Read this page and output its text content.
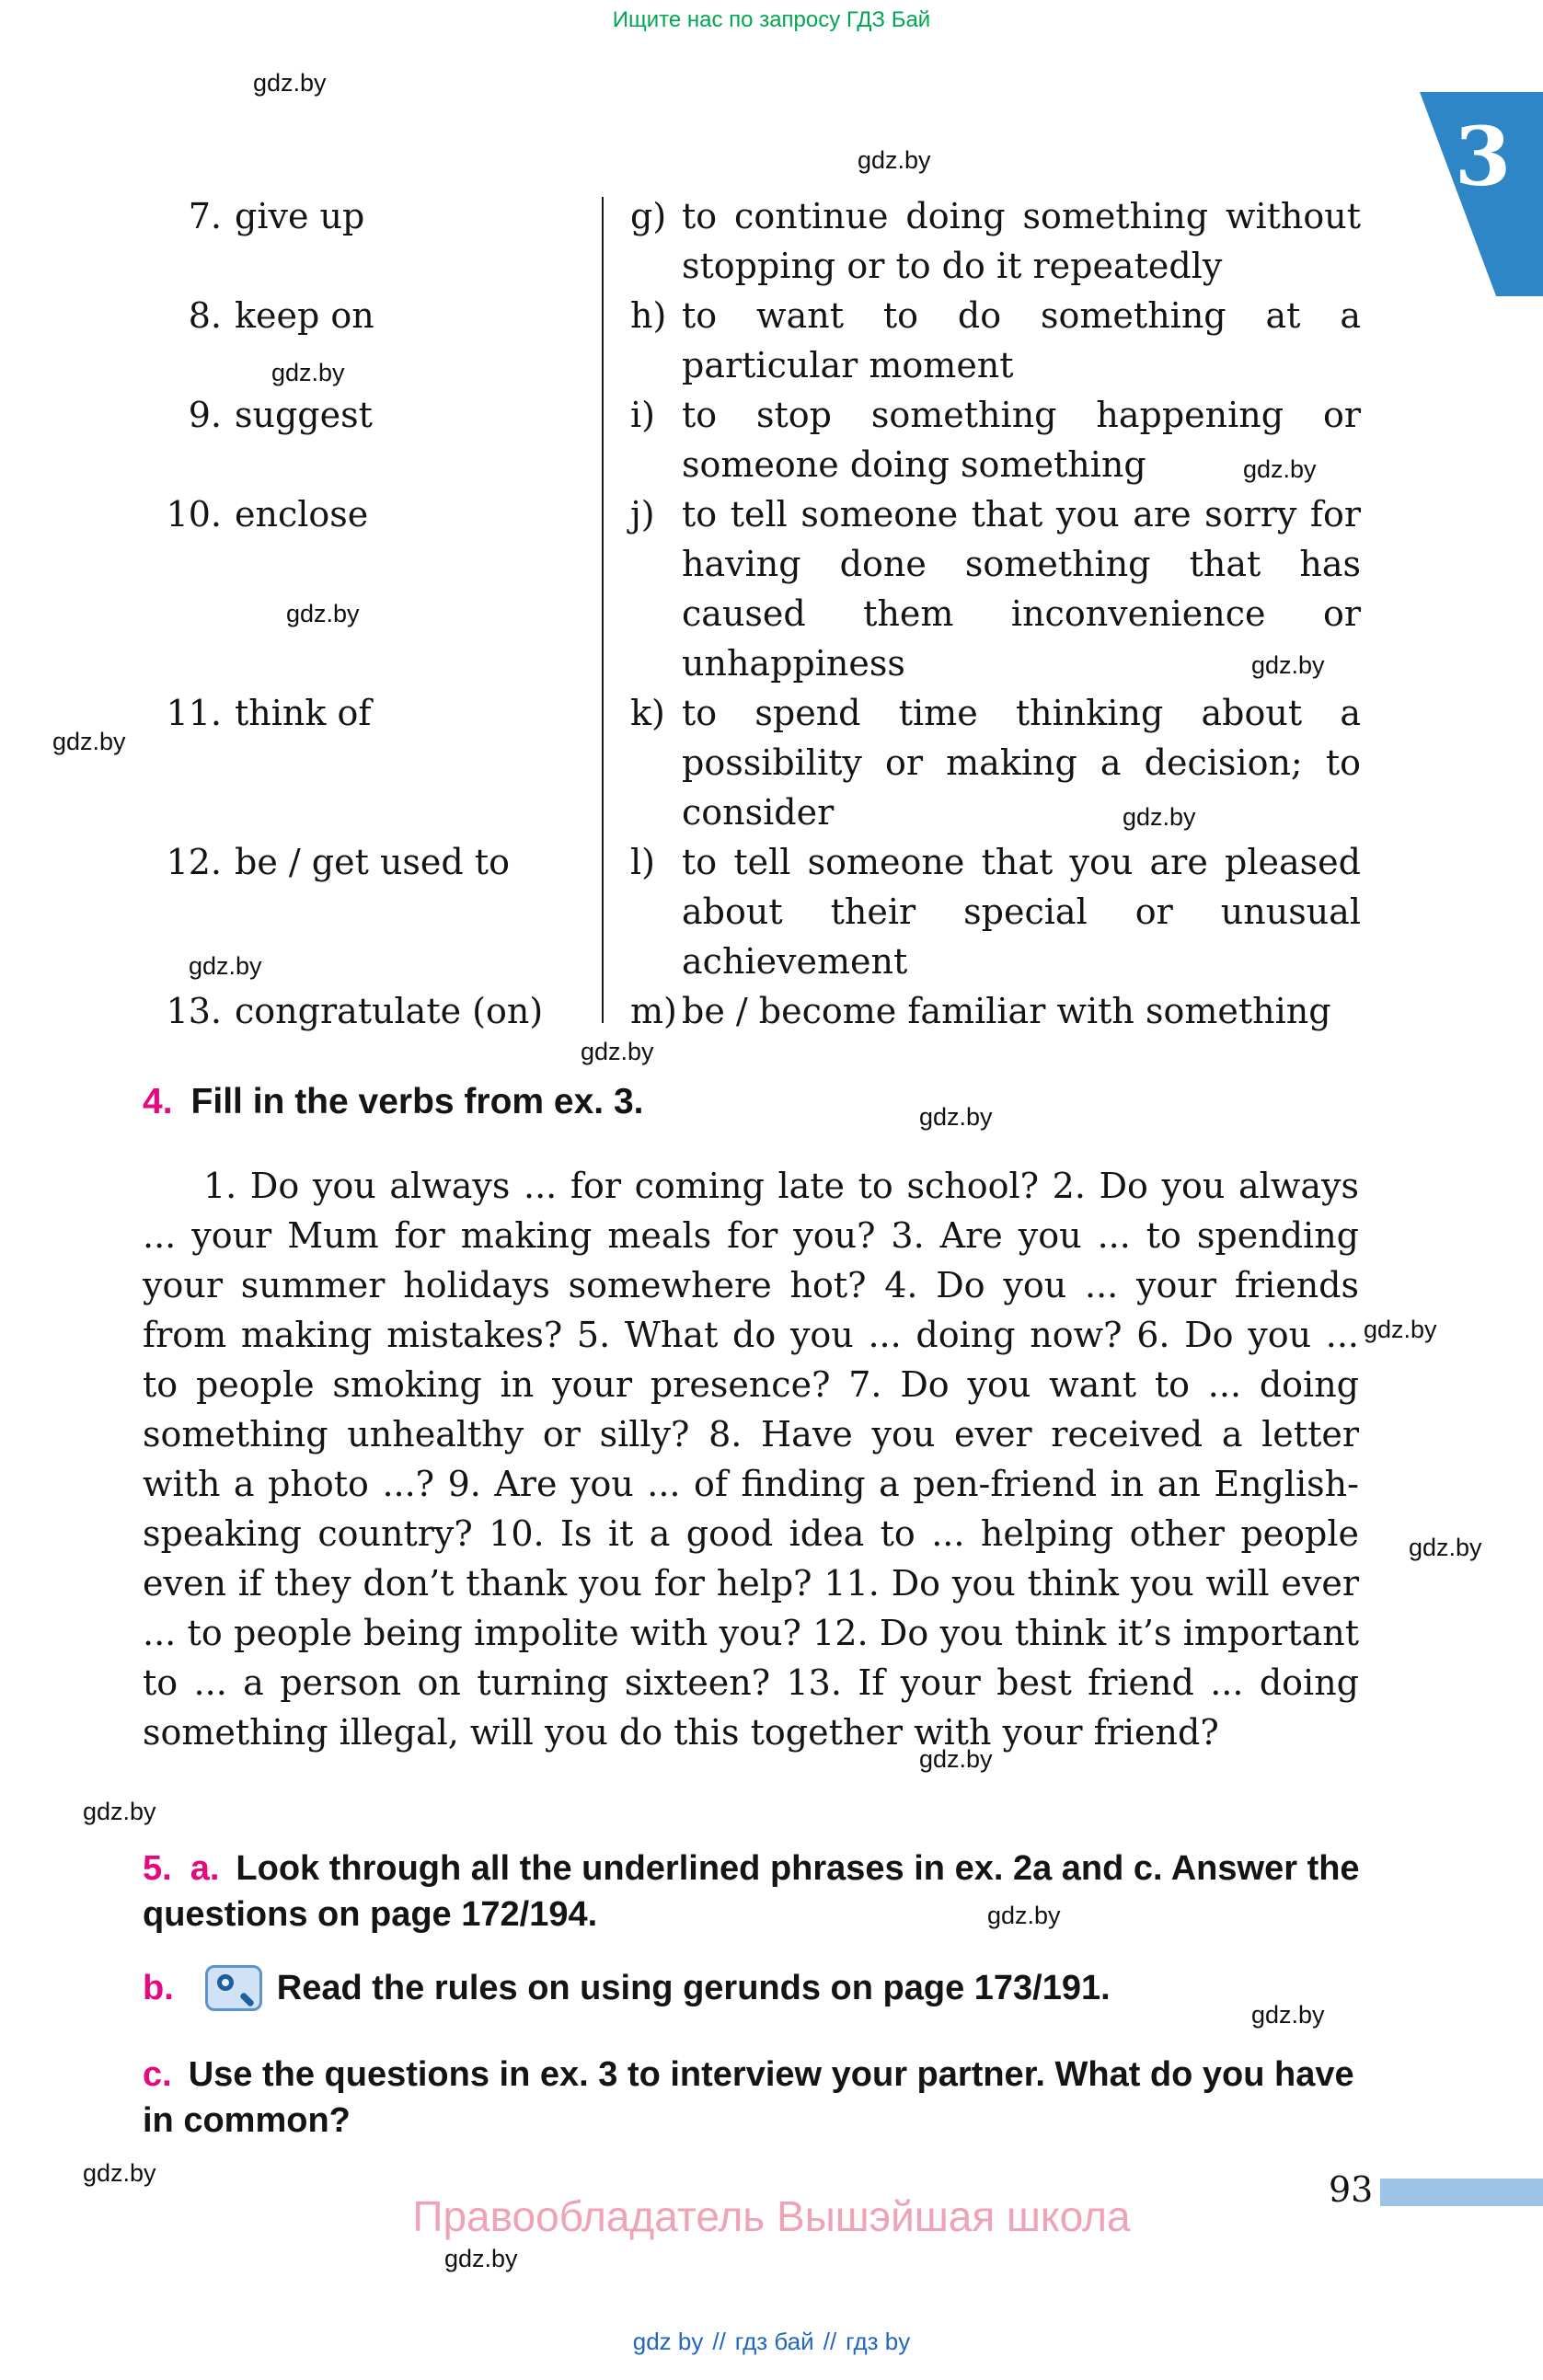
Ищите нас по запросу ГДЗ Бай
gdz.by
gdz.by
gdz.by
gdz.by
gdz.by
gdz.by
gdz.by
gdz.by
gdz.by
gdz.by
gdz.by
gdz.by
gdz.by
gdz.by
gdz.by
gdz.by
gdz.by
gdz.by
gdz.by
3
7. give up	g) to continue doing something without stopping or to do it repeatedly
8. keep on	h) to want to do something at a particular moment
9. suggest	i) to stop something happening or someone doing something
10. enclose	j) to tell someone that you are sorry for having done something that has caused them inconvenience or unhappiness
11. think of	k) to spend time thinking about a possibility or making a decision; to consider
12. be / get used to	l) to tell someone that you are pleased about their special or unusual achievement
13. congratulate (on)	m) be / become familiar with something
4. Fill in the verbs from ex. 3.
1. Do you always ... for coming late to school? 2. Do you always ... your Mum for making meals for you? 3. Are you ... to spending your summer holidays somewhere hot? 4. Do you ... your friends from making mistakes? 5. What do you ... doing now? 6. Do you ... to people smoking in your presence? 7. Do you want to ... doing something unhealthy or silly? 8. Have you ever received a letter with a photo ...? 9. Are you ... of finding a pen-friend in an English-speaking country? 10. Is it a good idea to ... helping other people even if they don’t thank you for help? 11. Do you think you will ever ... to people being impolite with you? 12. Do you think it’s important to ... a person on turning sixteen? 13. If your best friend ... doing something illegal, will you do this together with your friend?
5. a. Look through all the underlined phrases in ex. 2a and c. Answer the questions on page 172/194.
b.	Read the rules on using gerunds on page 173/191.
c. Use the questions in ex. 3 to interview your partner. What do you have in common?
93
Правообладатель Вышэйшая школа
gdz by // гдз бай // гдз by
